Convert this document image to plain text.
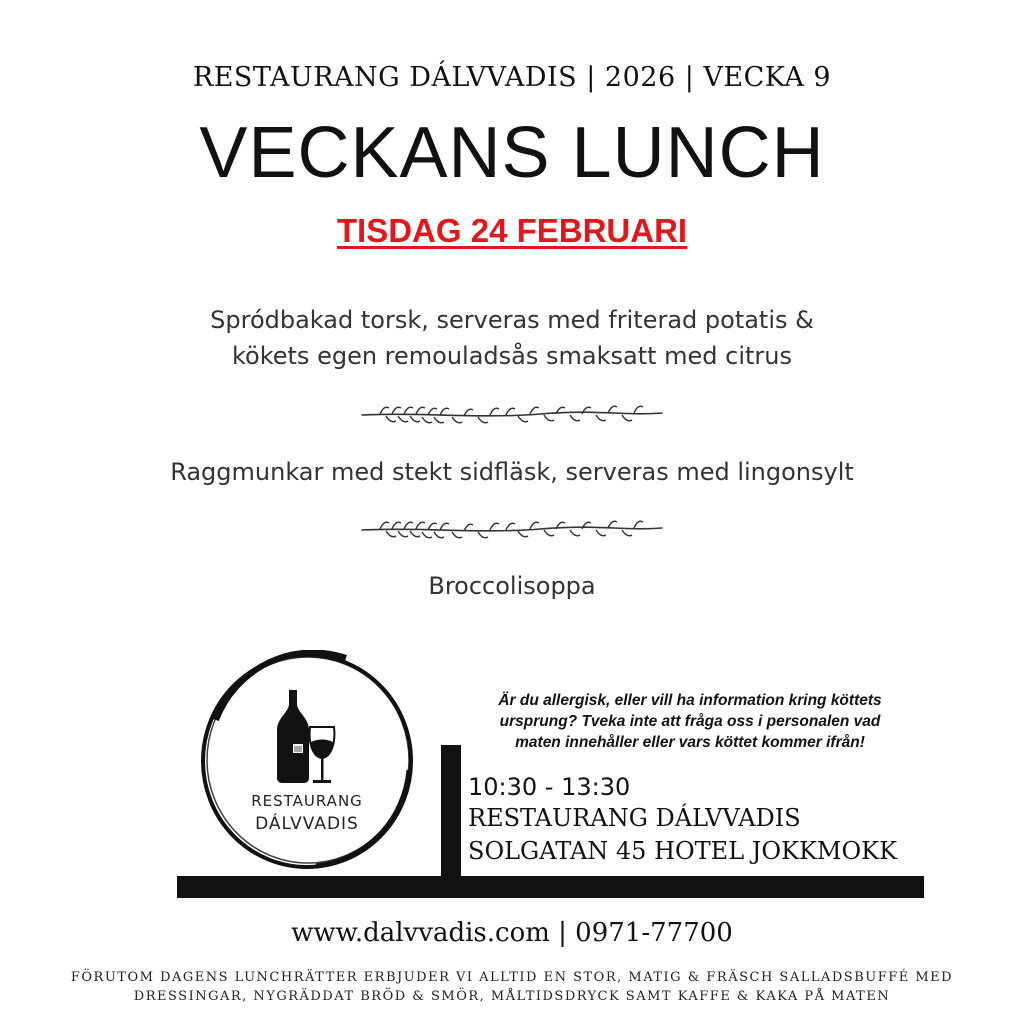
RESTAURANG DÁLVVADIS | 2026 | VECKA 9
VECKANS LUNCH
TISDAG 24 FEBRUARI
Spródbakad torsk, serveras med friterad potatis &
kökets egen remouladsås smaksatt med citrus
Raggmunkar med stekt sidfläsk, serveras med lingonsylt
Broccolisoppa
RESTAURANG
DÁLVVADIS
Är du allergisk, eller vill ha information kring köttets
ursprung? Tveka inte att fråga oss i personalen vad
maten innehåller eller vars köttet kommer ifrån!
10:30 - 13:30
RESTAURANG DÁLVVADIS
SOLGATAN 45 HOTEL JOKKMOKK
www.dalvvadis.com | 0971-77700
FÖRUTOM DAGENS LUNCHRÄTTER ERBJUDER VI ALLTID EN STOR, MATIG & FRÄSCH SALLADSBUFFÉ MED
DRESSINGAR, NYGRÄDDAT BRÖD & SMÖR, MÅLTIDSDRYCK SAMT KAFFE & KAKA PÅ MATEN
